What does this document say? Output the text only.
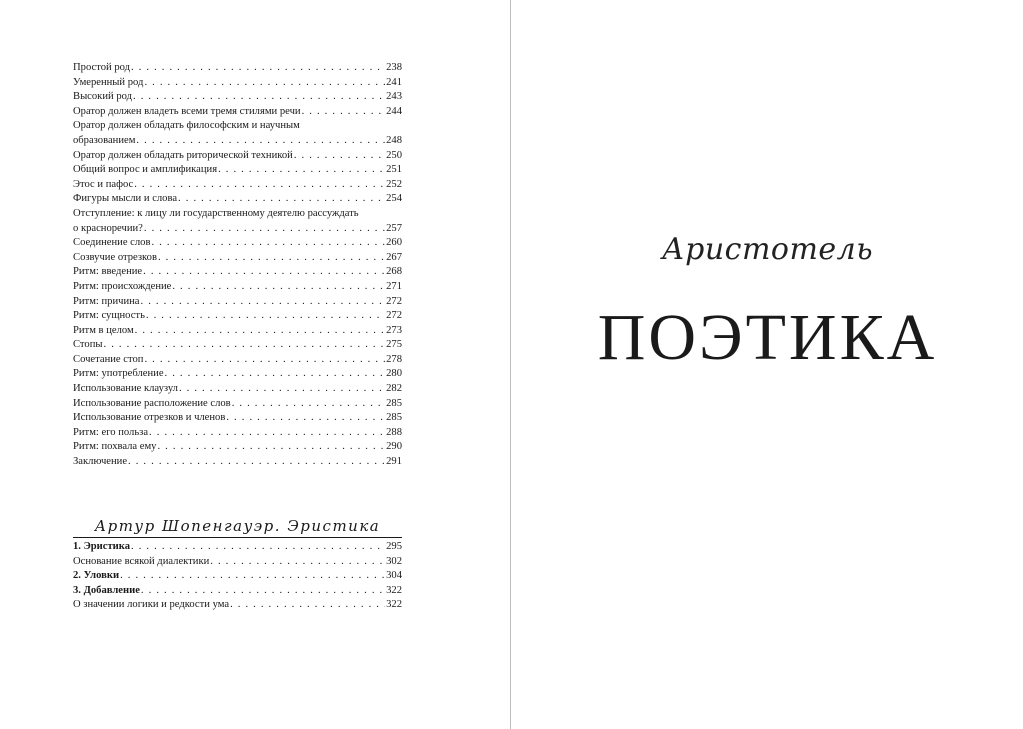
Простой род . . .	238
Умеренный род . . .	241
Высокий род . . .	243
Оратор должен владеть всеми тремя стилями речи . . .	244
Оратор должен обладать философским и научным
образованием . . .	248
Оратор должен обладать риторической техникой . . .	250
Общий вопрос и амплификация . . .	251
Этос и пафос . . .	252
Фигуры мысли и слова . . .	254
Отступление: к лицу ли государственному деятелю рассуждать
о красноречии? . . .	257
Соединение слов . . .	260
Созвучие отрезков . . .	267
Ритм: введение . . .	268
Ритм: происхождение . . .	271
Ритм: причина . . .	272
Ритм: сущность . . .	272
Ритм в целом . . .	273
Стопы . . .	275
Сочетание стоп . . .	278
Ритм: употребление . . .	280
Использование клаузул . . .	282
Использование расположение слов . . .	285
Использование отрезков и членов . . .	285
Ритм: его польза . . .	288
Ритм: похвала ему . . .	290
Заключение . . .	291
Артур Шопенгауэр. Эристика
1. Эристика . . .	295
Основание всякой диалектики . . .	302
2. Уловки . . .	304
3. Добавление . . .	322
О значении логики и редкости ума . . .	322
Аристотель
ПОЭТИКА
